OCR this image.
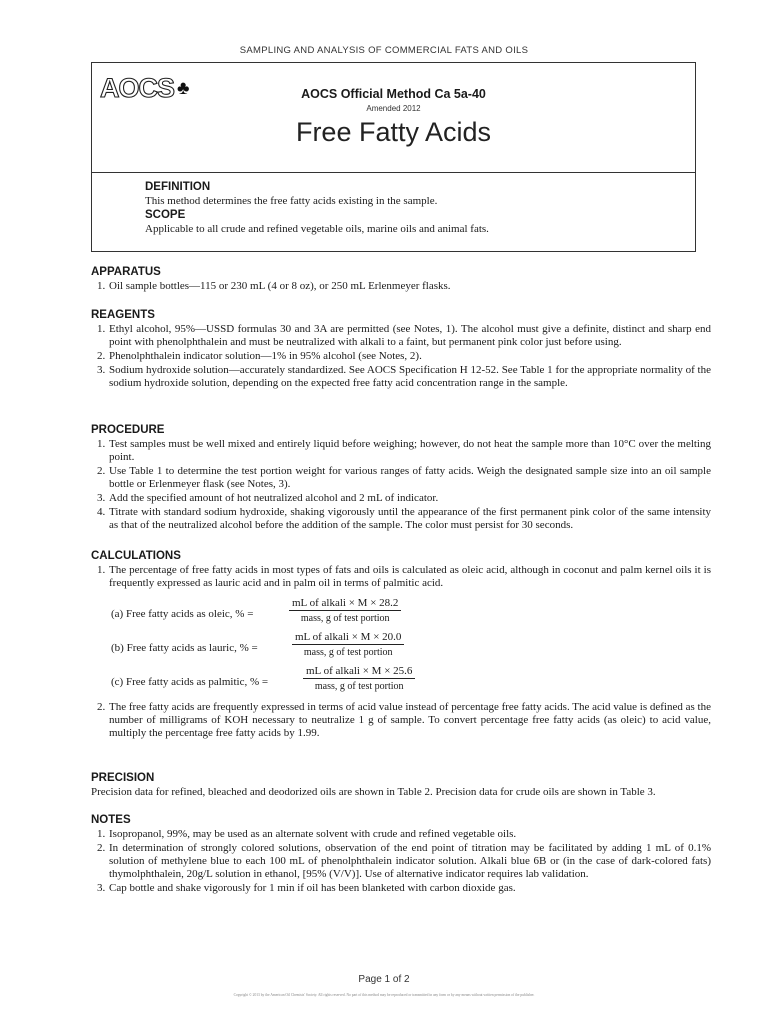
SAMPLING AND ANALYSIS OF COMMERCIAL FATS AND OILS
AOCS ♣	AOCS Official Method Ca 5a-40
Amended 2012
Free Fatty Acids
DEFINITION
This method determines the free fatty acids existing in the sample.
SCOPE
Applicable to all crude and refined vegetable oils, marine oils and animal fats.
APPARATUS
1. Oil sample bottles—115 or 230 mL (4 or 8 oz), or 250 mL Erlenmeyer flasks.
REAGENTS
1. Ethyl alcohol, 95%—USSD formulas 30 and 3A are permitted (see Notes, 1). The alcohol must give a definite, distinct and sharp end point with phenolphthalein and must be neutralized with alkali to a faint, but permanent pink color just before using.
2. Phenolphthalein indicator solution—1% in 95% alcohol (see Notes, 2).
3. Sodium hydroxide solution—accurately standardized. See AOCS Specification H 12-52. See Table 1 for the appropriate normality of the sodium hydroxide solution, depending on the expected free fatty acid concentration range in the sample.
PROCEDURE
1. Test samples must be well mixed and entirely liquid before weighing; however, do not heat the sample more than 10°C over the melting point.
2. Use Table 1 to determine the test portion weight for various ranges of fatty acids. Weigh the designated sample size into an oil sample bottle or Erlenmeyer flask (see Notes, 3).
3. Add the specified amount of hot neutralized alcohol and 2 mL of indicator.
4. Titrate with standard sodium hydroxide, shaking vigorously until the appearance of the first permanent pink color of the same intensity as that of the neutralized alcohol before the addition of the sample. The color must persist for 30 seconds.
CALCULATIONS
1. The percentage of free fatty acids in most types of fats and oils is calculated as oleic acid, although in coconut and palm kernel oils it is frequently expressed as lauric acid and in palm oil in terms of palmitic acid.
(a) Free fatty acids as oleic, % =
mL of alkali × M × 28.2
mass, g of test portion
(b) Free fatty acids as lauric, % =
mL of alkali × M × 20.0
mass, g of test portion
(c) Free fatty acids as palmitic, % =
mL of alkali × M × 25.6
mass, g of test portion
2. The free fatty acids are frequently expressed in terms of acid value instead of percentage free fatty acids. The acid value is defined as the number of milligrams of KOH necessary to neutralize 1 g of sample. To convert percentage free fatty acids (as oleic) to acid value, multiply the percentage free fatty acids by 1.99.
PRECISION
Precision data for refined, bleached and deodorized oils are shown in Table 2. Precision data for crude oils are shown in Table 3.
NOTES
1. Isopropanol, 99%, may be used as an alternate solvent with crude and refined vegetable oils.
2. In determination of strongly colored solutions, observation of the end point of titration may be facilitated by adding 1 mL of 0.1% solution of methylene blue to each 100 mL of phenolphthalein indicator solution. Alkali blue 6B or (in the case of dark-colored fats) thymolphthalein, 20g/L solution in ethanol, [95% (V/V)]. Use of alternative indicator requires lab validation.
3. Cap bottle and shake vigorously for 1 min if oil has been blanketed with carbon dioxide gas.
Page 1 of 2
Copyright © 2013 by the American Oil Chemists' Society. All rights reserved. No part of this method may be reproduced or transmitted in any form or by any means without written permission of the publisher.
